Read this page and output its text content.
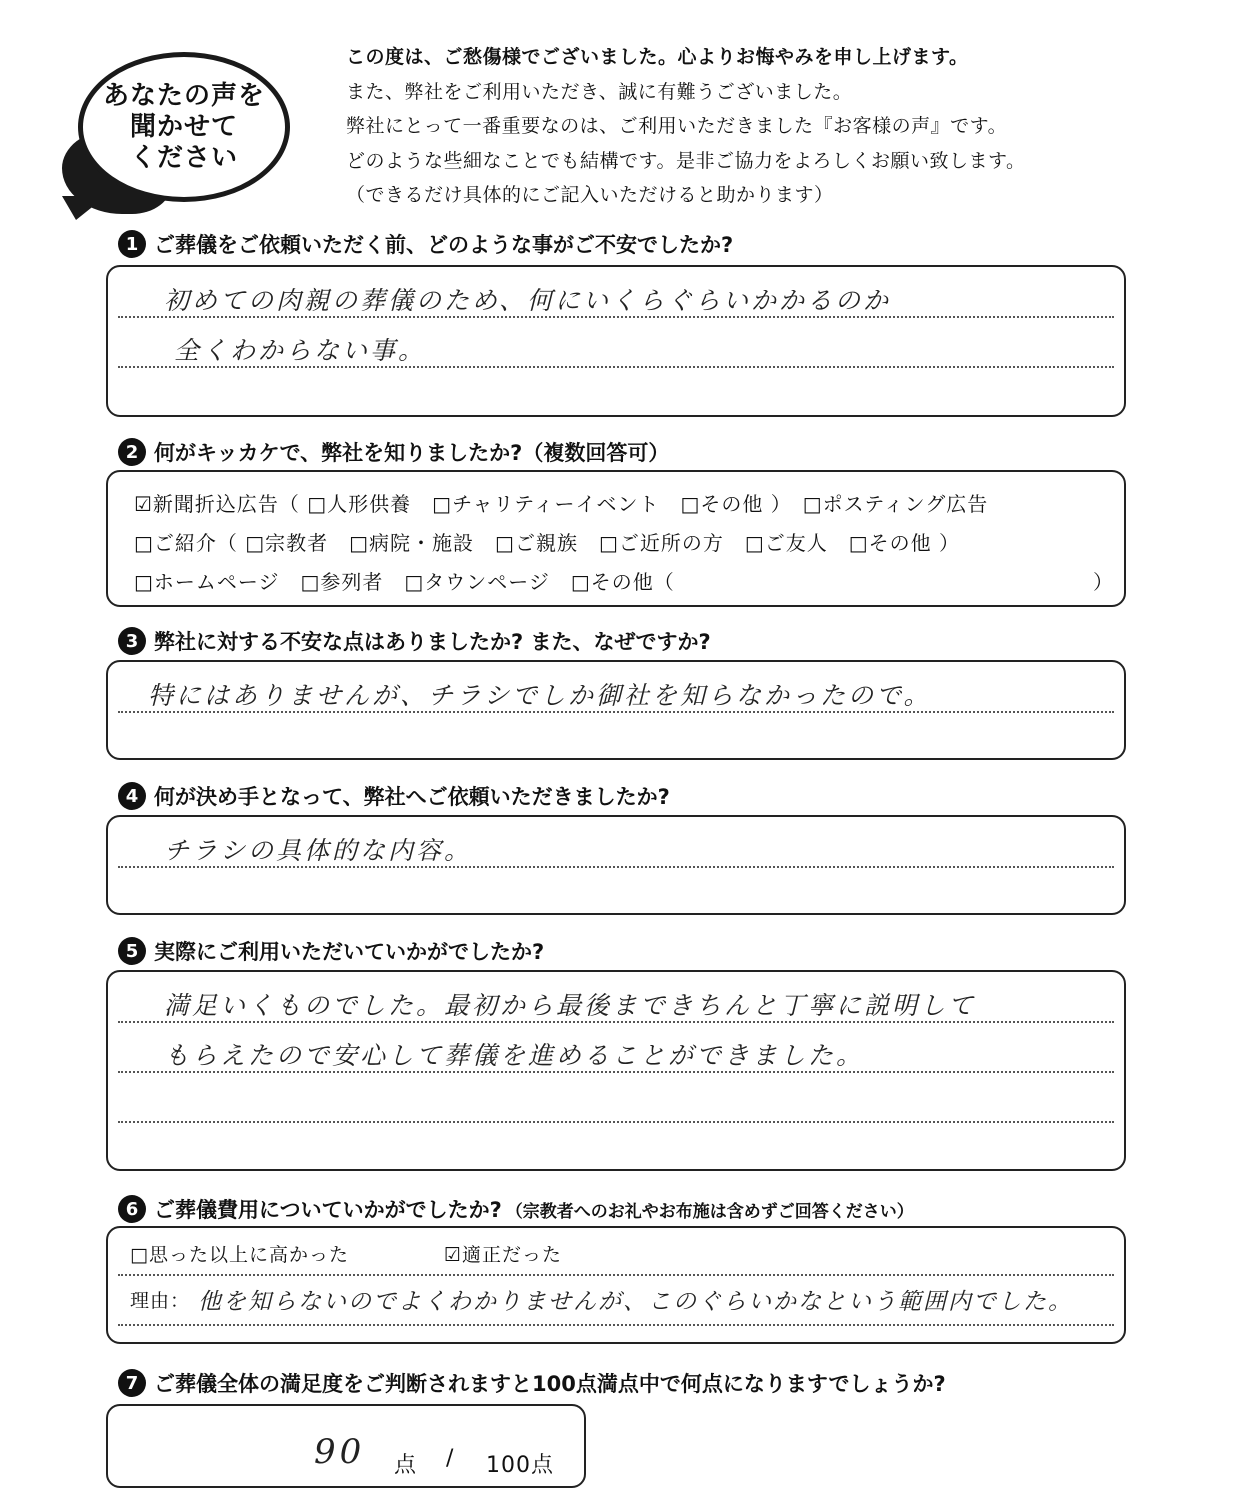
あなたの声を
聞かせて
ください
この度は、ご愁傷様でございました。心よりお悔やみを申し上げます。
また、弊社をご利用いただき、誠に有難うございました。
弊社にとって一番重要なのは、ご利用いただきました『お客様の声』です。
どのような些細なことでも結構です。是非ご協力をよろしくお願い致します。
（できるだけ具体的にご記入いただけると助かります）
1 ご葬儀をご依頼いただく前、どのような事がご不安でしたか?
初めての肉親の葬儀のため、何にいくらぐらいかかるのか
全くわからない事。
2 何がキッカケで、弊社を知りましたか?（複数回答可）
☑新聞折込広告（ □人形供養　□チャリティーイベント　□その他 ）　□ポスティング広告
□ご紹介（ □宗教者　□病院・施設　□ご親族　□ご近所の方　□ご友人　□その他 ）
□ホームページ　□参列者　□タウンページ　□その他（	）
3 弊社に対する不安な点はありましたか? また、なぜですか?
特にはありませんが、チラシでしか御社を知らなかったので。
4 何が決め手となって、弊社へご依頼いただきましたか?
チラシの具体的な内容。
5 実際にご利用いただいていかがでしたか?
満足いくものでした。最初から最後まできちんと丁寧に説明して
もらえたので安心して葬儀を進めることができました。
6 ご葬儀費用についていかがでしたか? （宗教者へのお礼やお布施は含めずご回答ください）
□思った以上に高かった	☑適正だった
理由： 他を知らないのでよくわかりませんが、このぐらいかなという範囲内でした。
7 ご葬儀全体の満足度をご判断されますと100点満点中で何点になりますでしょうか?
90 点 / 100点
